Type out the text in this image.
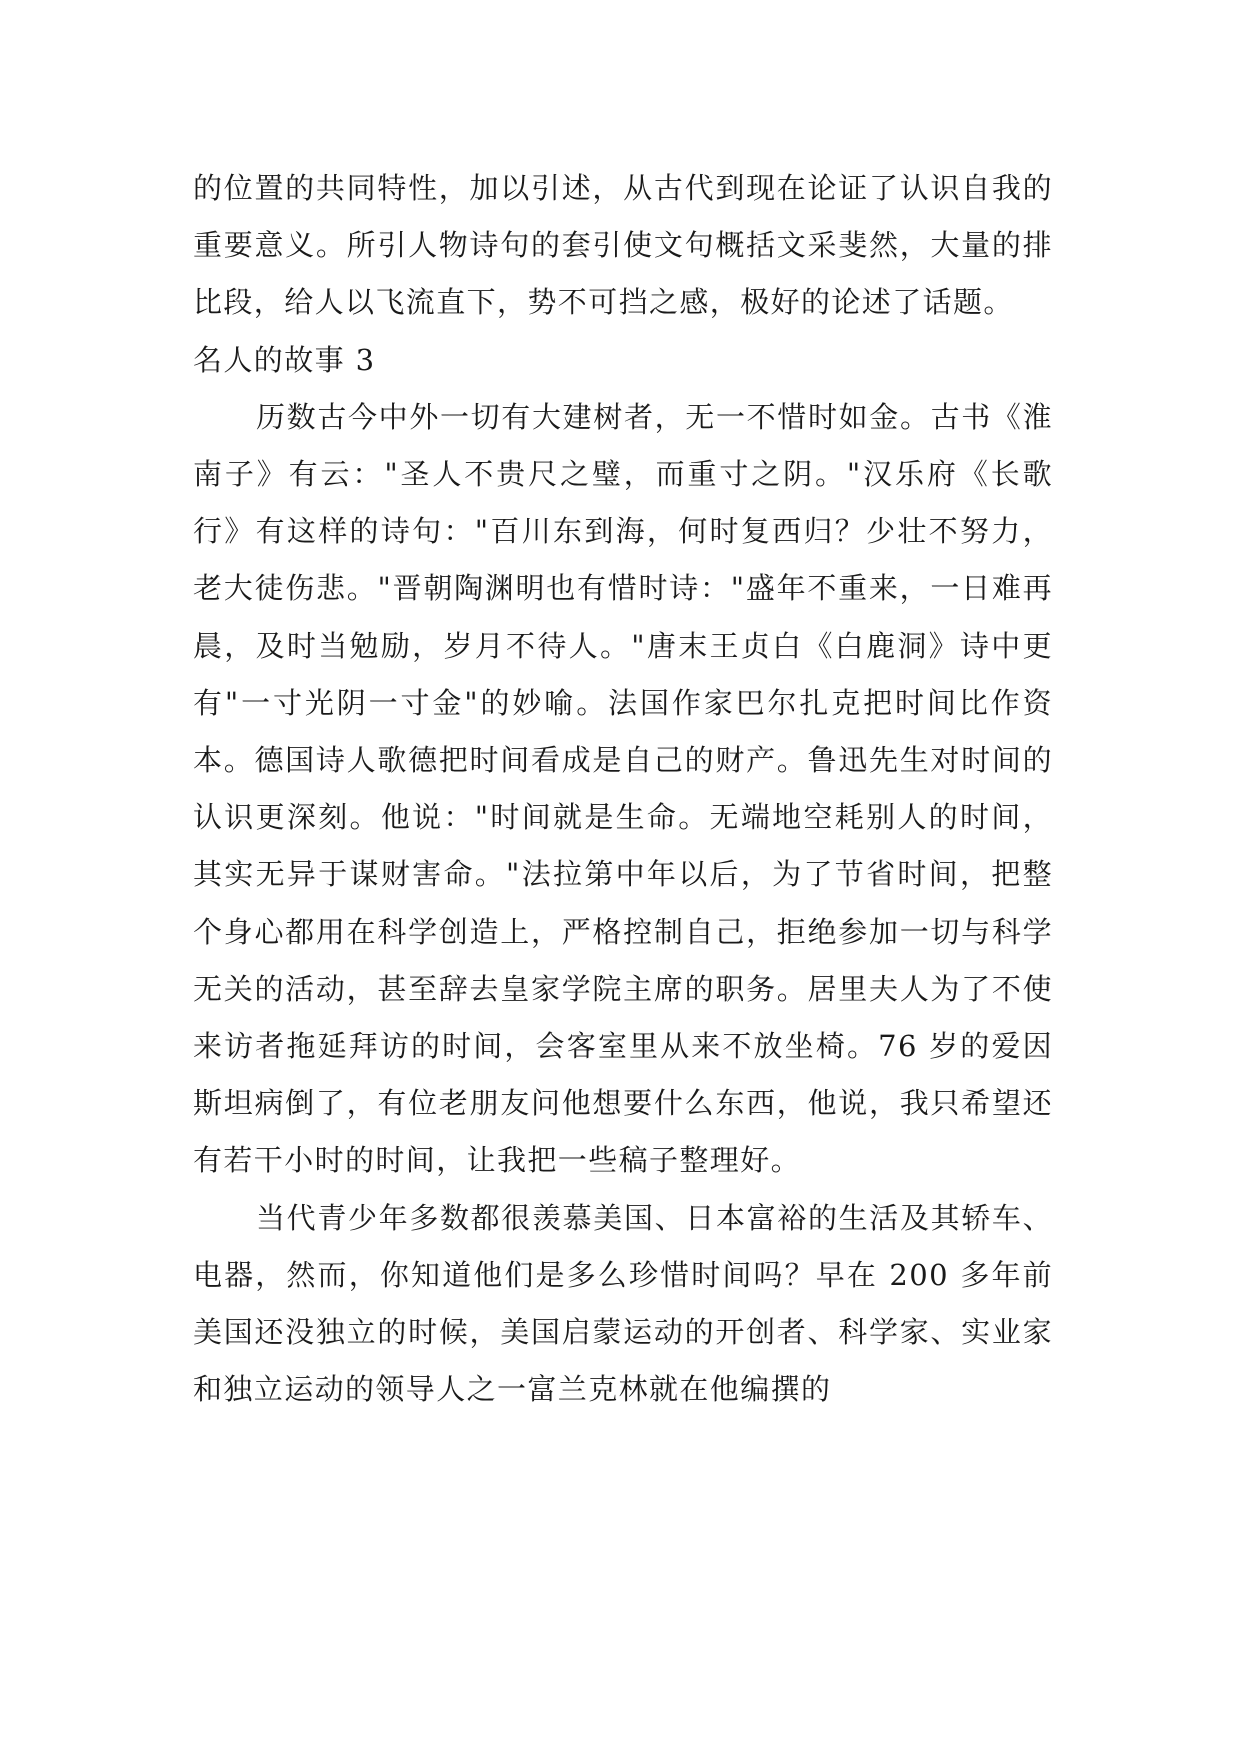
的位置的共同特性，加以引述，从古代到现在论证了认识自我的重要意义。所引人物诗句的套引使文句概括文采斐然，大量的排比段，给人以飞流直下，势不可挡之感，极好的论述了话题。

名人的故事 3

历数古今中外一切有大建树者，无一不惜时如金。古书《淮南子》有云："圣人不贵尺之璧，而重寸之阴。"汉乐府《长歌行》有这样的诗句："百川东到海，何时复西归？少壮不努力，老大徒伤悲。"晋朝陶渊明也有惜时诗："盛年不重来，一日难再晨，及时当勉励，岁月不待人。"唐末王贞白《白鹿洞》诗中更有"一寸光阴一寸金"的妙喻。法国作家巴尔扎克把时间比作资本。德国诗人歌德把时间看成是自己的财产。鲁迅先生对时间的认识更深刻。他说："时间就是生命。无端地空耗别人的时间，其实无异于谋财害命。"法拉第中年以后，为了节省时间，把整个身心都用在科学创造上，严格控制自己，拒绝参加一切与科学无关的活动，甚至辞去皇家学院主席的职务。居里夫人为了不使来访者拖延拜访的时间，会客室里从来不放坐椅。76 岁的爱因斯坦病倒了，有位老朋友问他想要什么东西，他说，我只希望还有若干小时的时间，让我把一些稿子整理好。

当代青少年多数都很羡慕美国、日本富裕的生活及其轿车、电器，然而，你知道他们是多么珍惜时间吗？早在 200 多年前美国还没独立的时候，美国启蒙运动的开创者、科学家、实业家和独立运动的领导人之一富兰克林就在他编撰的
